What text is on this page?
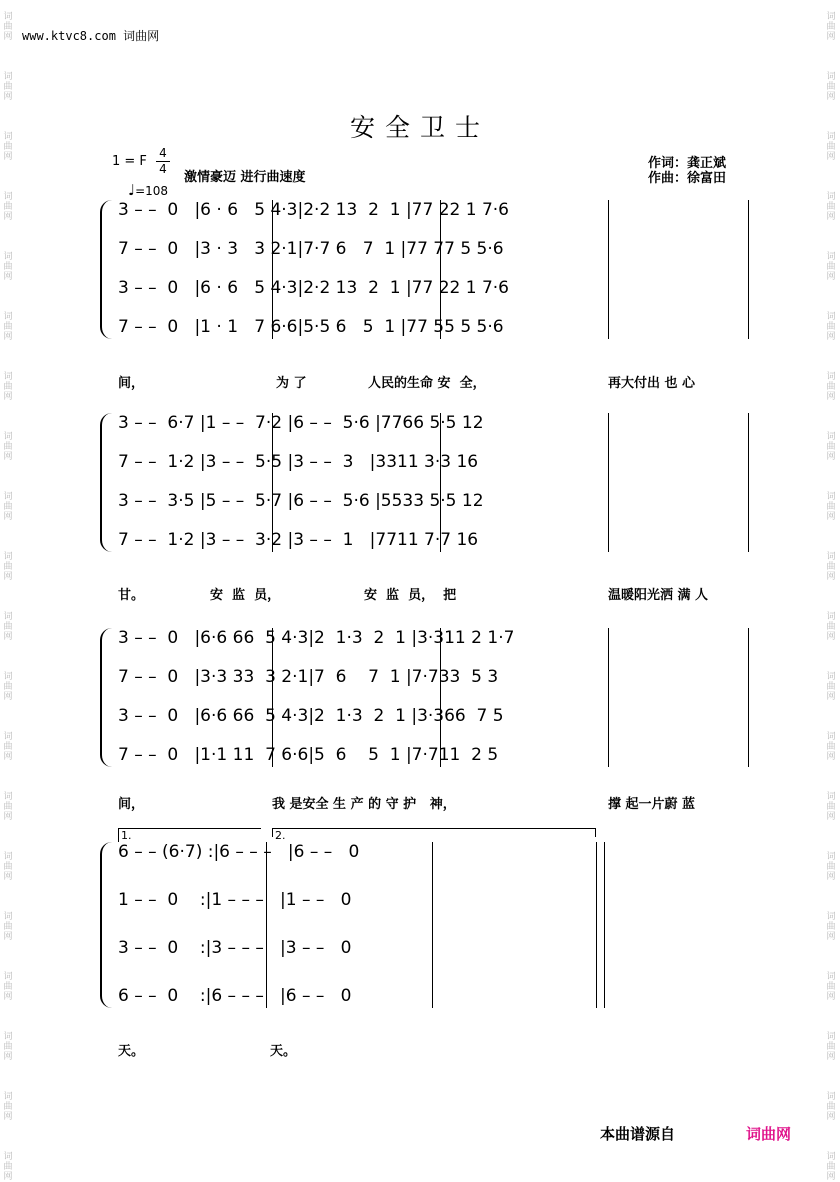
词
曲
网
词
曲
网
词
曲
网
词
曲
网
词
曲
网
词
曲
网
词
曲
网
词
曲
网
词
曲
网
词
曲
网
词
曲
网
词
曲
网
词
曲
网
词
曲
网
词
曲
网
词
曲
网
词
曲
网
词
曲
网
词
曲
网
词
曲
网
词
曲
网
词
曲
网
词
曲
网
词
曲
网
词
曲
网
词
曲
网
词
曲
网
词
曲
网
词
曲
网
词
曲
网
词
曲
网
词
曲
网
词
曲
网
词
曲
网
词
曲
网
词
曲
网
词
曲
网
词
曲
网
词
曲
网
词
曲
网
www.ktvc8.com 词曲网
安全卫士
1 = F
4
4
♩=108
激情豪迈 进行曲速度
作词：龚正斌
作曲：徐富田
3 – –  0   |6 · 6   5 4·3|2·2 13  2  1 |77 22 1 7·6
7 – –  0   |3 · 3   3 2·1|7·7 6   7  1 |77 77 5 5·6
3 – –  0   |6 · 6   5 4·3|2·2 13  2  1 |77 22 1 7·6
7 – –  0   |1 · 1   7 6·6|5·5 6   5  1 |77 55 5 5·6
间，	为 了	人民的生命 安  全，	再大付出 也 心
3 – –  6·7 |1 – –  7·2 |6 – –  5·6 |7766 5·5 12
7 – –  1·2 |3 – –  5·5 |3 – –  3   |3311 3·3 16
3 – –  3·5 |5 – –  5·7 |6 – –  5·6 |5533 5·5 12
7 – –  1·2 |3 – –  3·2 |3 – –  1   |7711 7·7 16
甘。	安  监  员，	安  监  员，  把	温暖阳光洒 满 人
3 – –  0   |6·6 66  5 4·3|2  1·3  2  1 |3·311 2 1·7
7 – –  0   |3·3 33  3 2·1|7  6    7  1 |7·733  5 3
3 – –  0   |6·6 66  5 4·3|2  1·3  2  1 |3·366  7 5
7 – –  0   |1·1 11  7 6·6|5  6    5  1 |7·711  2 5
间，	我 是安全 生 产 的 守 护   神，	撑 起一片蔚 蓝
6 – – (6·7) :|6 – – –   |6 – –   0
1 – –  0    :|1 – – –   |1 – –   0
3 – –  0    :|3 – – –   |3 – –   0
6 – –  0    :|6 – – –   |6 – –   0
1.	2.
天。	天。
本曲谱源自	词曲网
